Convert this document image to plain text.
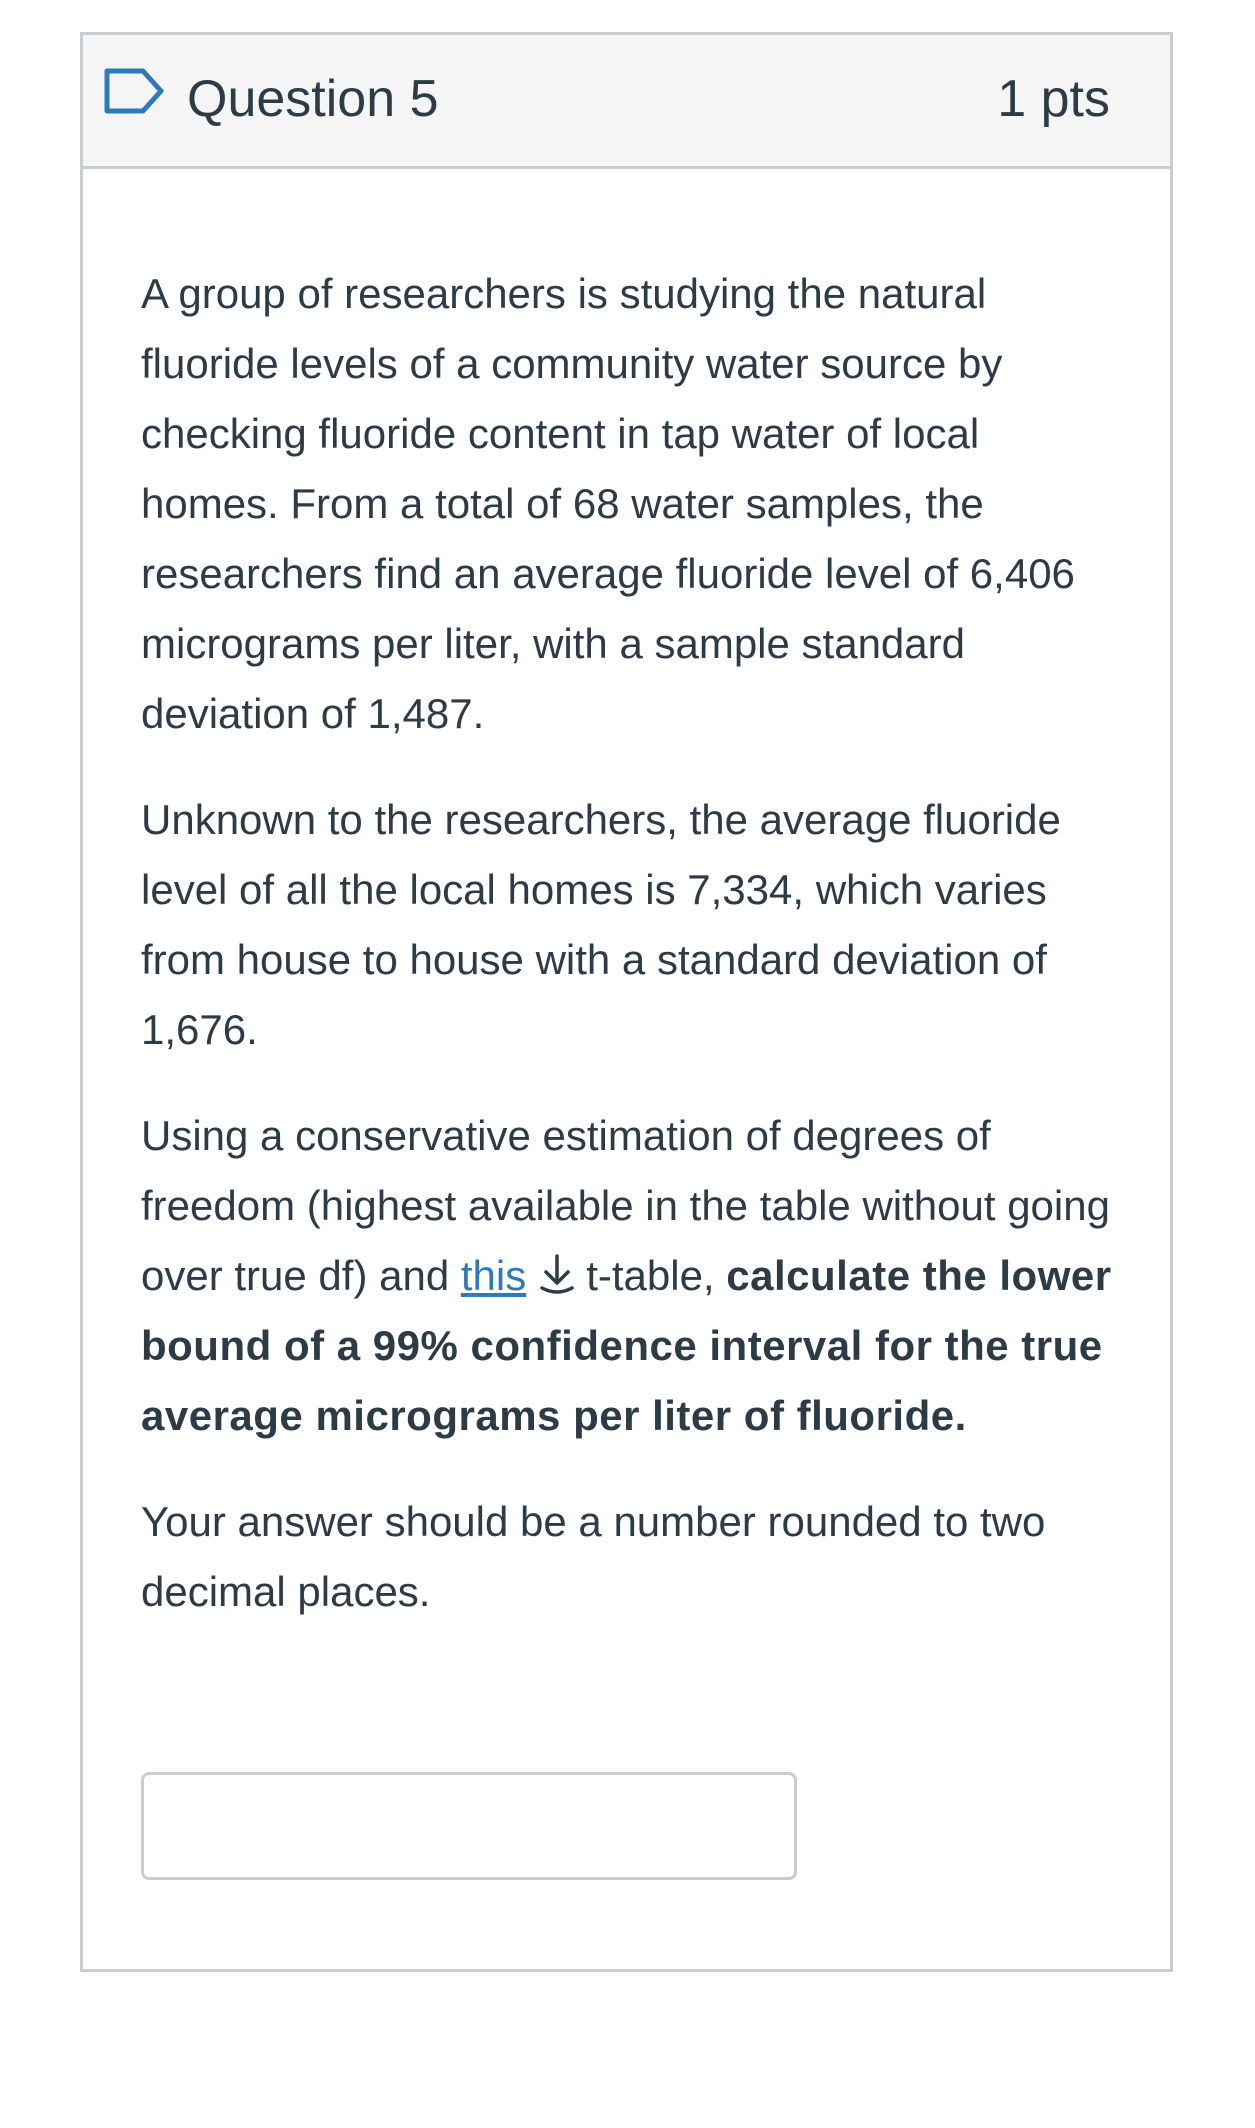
Question 5	1 pts

A group of researchers is studying the natural fluoride levels of a community water source by checking fluoride content in tap water of local homes. From a total of 68 water samples, the researchers find an average fluoride level of 6,406 micrograms per liter, with a sample standard deviation of 1,487.

Unknown to the researchers, the average fluoride level of all the local homes is 7,334, which varies from house to house with a standard deviation of 1,676.

Using a conservative estimation of degrees of freedom (highest available in the table without going over true df) and this t-table, calculate the lower bound of a 99% confidence interval for the true average micrograms per liter of fluoride.

Your answer should be a number rounded to two decimal places.
